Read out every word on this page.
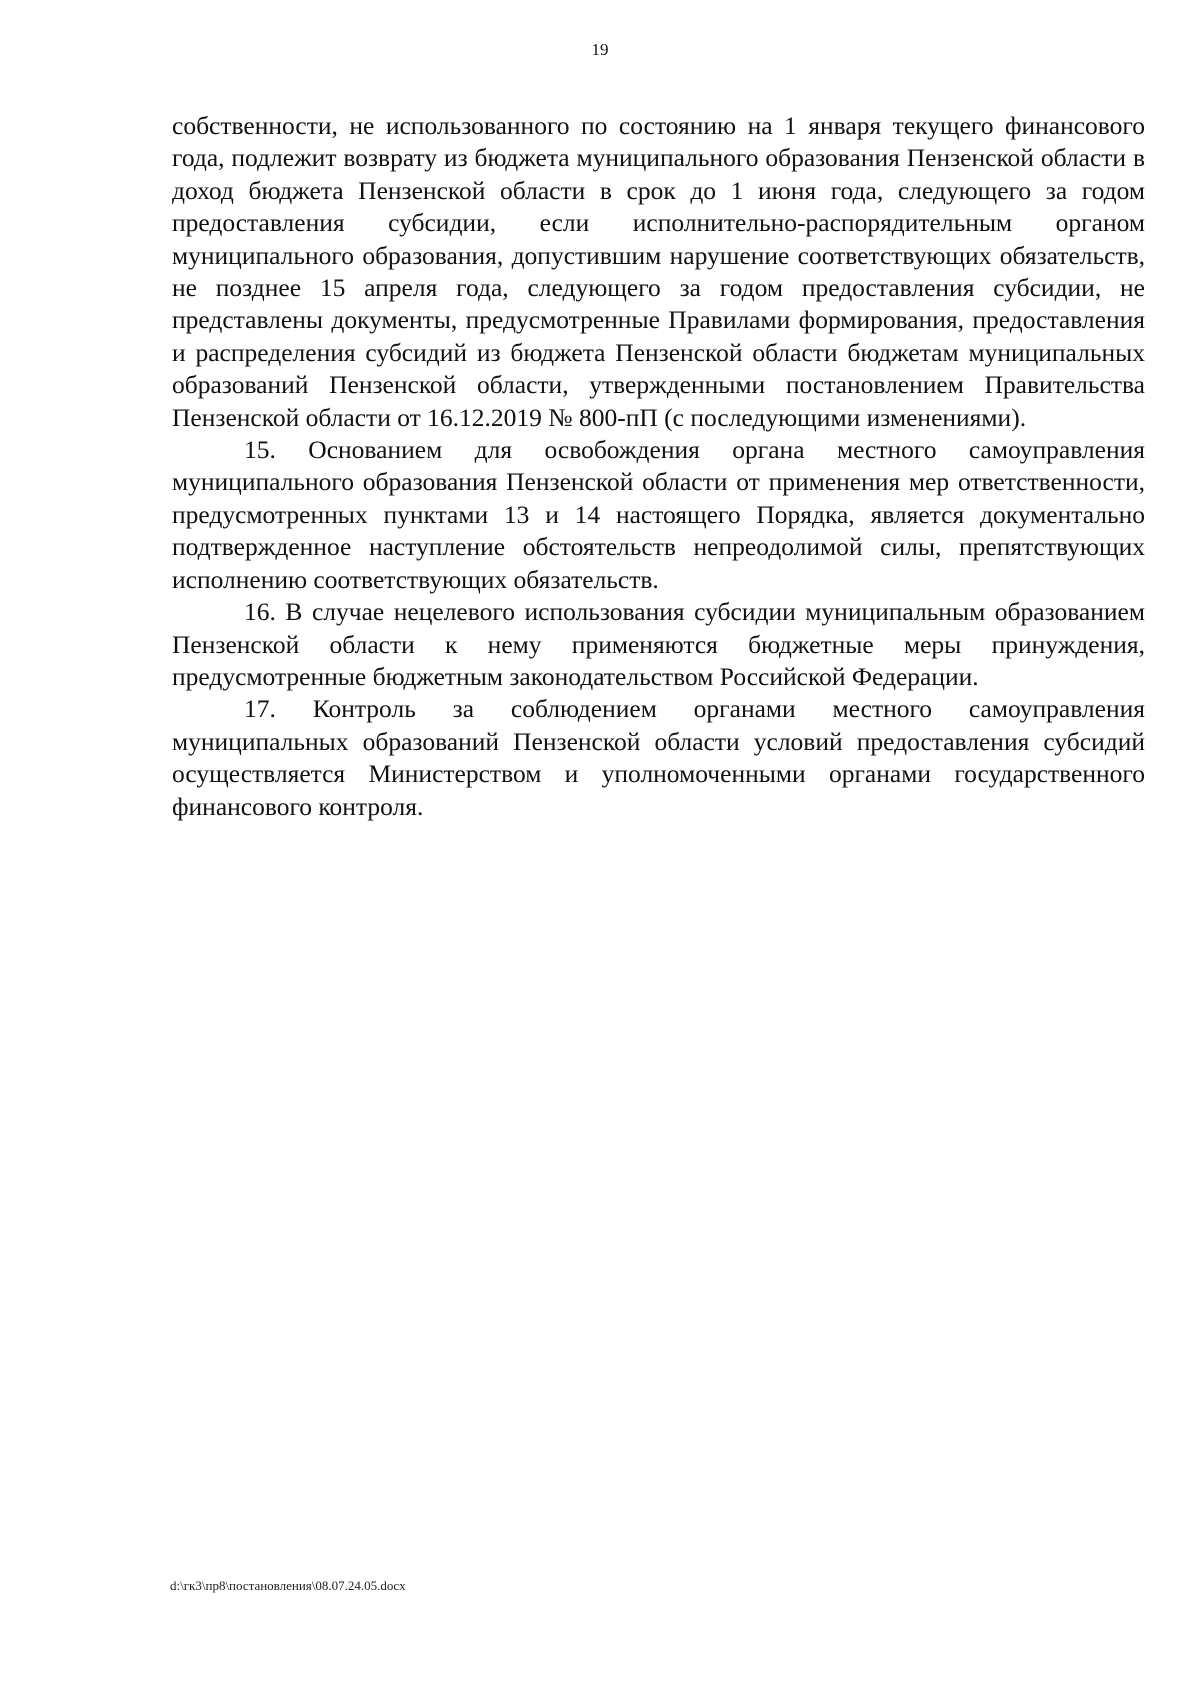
19

собственности, не использованного по состоянию на 1 января текущего финансового года, подлежит возврату из бюджета муниципального образования Пензенской области в доход бюджета Пензенской области в срок до 1 июня года, следующего за годом предоставления субсидии, если исполнительно-распорядительным органом муниципального образования, допустившим нарушение соответствующих обязательств, не позднее 15 апреля года, следующего за годом предоставления субсидии, не представлены документы, предусмотренные Правилами формирования, предоставления и распределения субсидий из бюджета Пензенской области бюджетам муниципальных образований Пензенской области, утвержденными постановлением Правительства Пензенской области от 16.12.2019 № 800-пП (с последующими изменениями).

15. Основанием для освобождения органа местного самоуправления муниципального образования Пензенской области от применения мер ответственности, предусмотренных пунктами 13 и 14 настоящего Порядка, является документально подтвержденное наступление обстоятельств непреодолимой силы, препятствующих исполнению соответствующих обязательств.

16. В случае нецелевого использования субсидии муниципальным образованием Пензенской области к нему применяются бюджетные меры принуждения, предусмотренные бюджетным законодательством Российской Федерации.

17. Контроль за соблюдением органами местного самоуправления муниципальных образований Пензенской области условий предоставления субсидий осуществляется Министерством и уполномоченными органами государственного финансового контроля.

d:\гк3\пр8\постановления\08.07.24.05.docx
